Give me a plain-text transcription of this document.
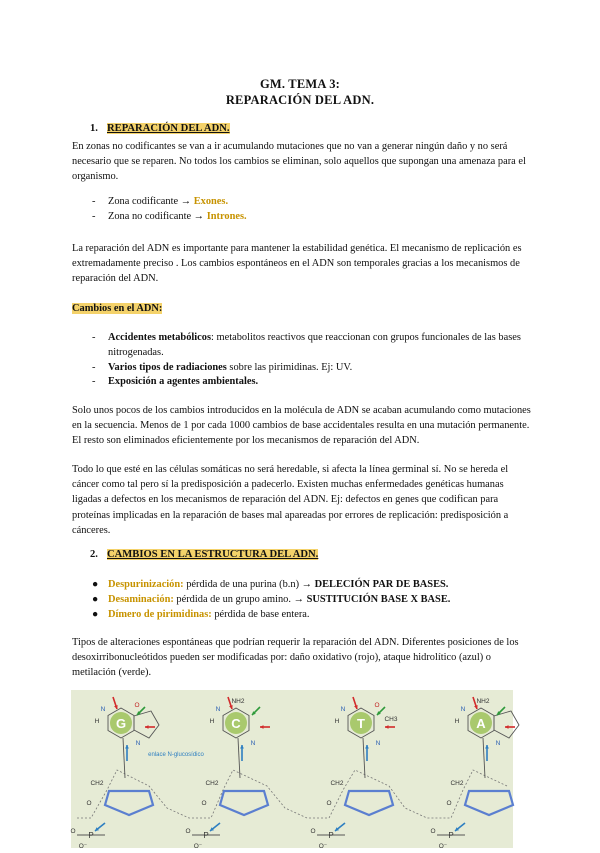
GM. TEMA 3:
REPARACIÓN DEL ADN.
1. REPARACIÓN DEL ADN.
En zonas no codificantes se van a ir acumulando mutaciones que no van a generar ningún daño y no será necesario que se reparen. No todos los cambios se eliminan, solo aquellos que supongan una amenaza para el organismo.
- Zona codificante → Exones.
- Zona no codificante → Intrones.
La reparación del ADN es importante para mantener la estabilidad genética. El mecanismo de replicación es extremadamente preciso . Los cambios espontáneos en el ADN son temporales gracias a los mecanismos de reparación del ADN.
Cambios en el ADN:
- Accidentes metabólicos: metabolitos reactivos que reaccionan con grupos funcionales de las bases nitrogenadas.
- Varios tipos de radiaciones sobre las pirimidinas. Ej: UV.
- Exposición a agentes ambientales.
Solo unos pocos de los cambios introducidos en la molécula de ADN se acaban acumulando como mutaciones en la secuencia. Menos de 1 por cada 1000 cambios de base accidentales resulta en una mutación permanente. El resto son eliminados eficientemente por los mecanismos de reparación del ADN.
Todo lo que esté en las células somáticas no será heredable, si afecta la línea germinal sí. No se hereda el cáncer como tal pero sí la predisposición a padecerlo. Existen muchas enfermedades genéticas humanas ligadas a defectos en los mecanismos de reparación del ADN. Ej: defectos en genes que codifican para proteínas implicadas en la reparación de bases mal apareadas por errores de replicación: predisposición a cánceres.
2. CAMBIOS EN LA ESTRUCTURA DEL ADN.
● Despurinización: pérdida de una purina (b.n) → DELECIÓN PAR DE BASES.
● Desaminación: pérdida de un grupo amino. → SUSTITUCIÓN BASE X BASE.
● Dímero de pirimidinas: pérdida de base entera.
Tipos de alteraciones espontáneas que podrían requerir la reparación del ADN. Diferentes posiciones de los desoxirribonucleótidos pueden ser modificadas por: daño oxidativo (rojo), ataque hidrolítico (azul) o metilación (verde).
G
N
N
O
H
CH2
O
P
O⁻
O
C
N
N
NH2
H
CH2
O
P
O⁻
O
T
N
N
O
CH3
H
CH2
O
P
O⁻
O
A
N
N
NH2
H
CH2
O
P
O⁻
O
enlace N-glucosídico
